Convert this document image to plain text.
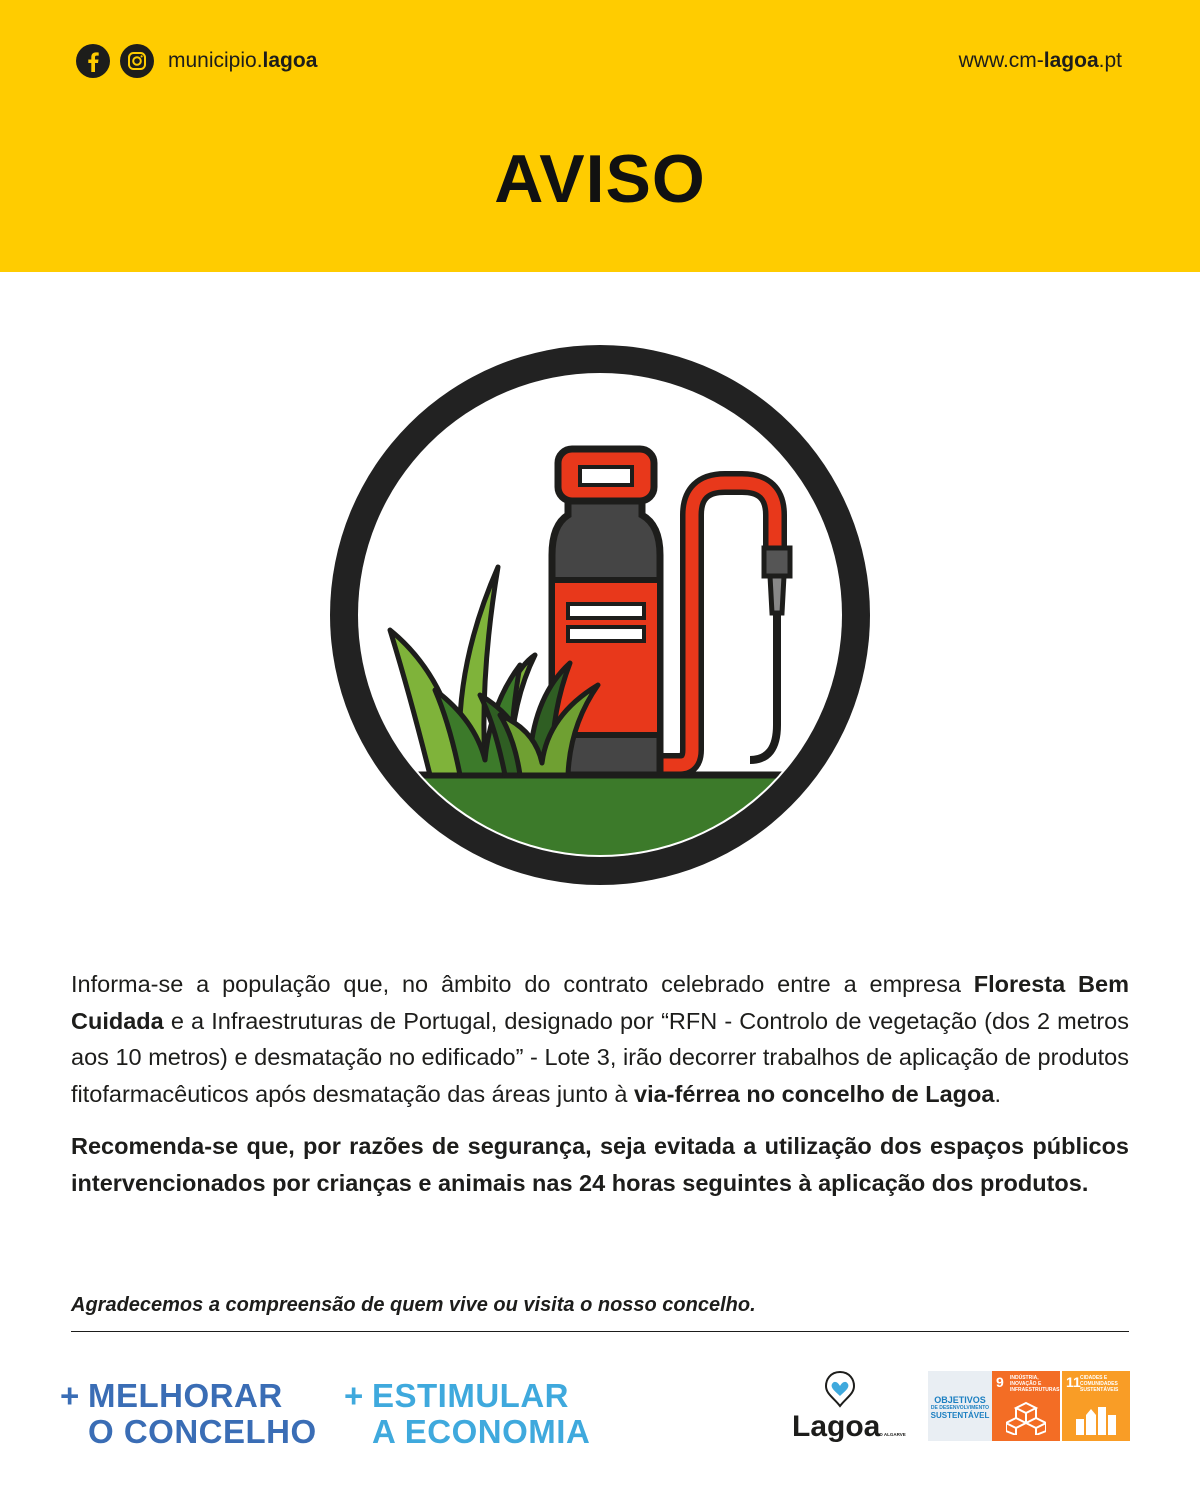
municipio.lagoa	www.cm-lagoa.pt
AVISO

Informa-se a população que, no âmbito do contrato celebrado entre a empresa Floresta Bem Cuidada e a Infraestruturas de Portugal, designado por “RFN - Controlo de vegetação (dos 2 metros aos 10 metros) e desmatação no edificado” - Lote 3, irão decorrer trabalhos de aplicação de produtos fitofarmacêuticos após desmatação das áreas junto à via-férrea no concelho de Lagoa.

Recomenda-se que, por razões de segurança, seja evitada a utilização dos espaços públicos intervencionados por crianças e animais nas 24 horas seguintes à aplicação dos produtos.

Agradecemos a compreensão de quem vive ou visita o nosso concelho.
+ MELHORAR
O CONCELHO
+ ESTIMULAR
A ECONOMIA	Lagoa
DO ALGARVE
OBJETIVOS
DE DESENVOLVIMENTO
SUSTENTÁVEL
9 INDÚSTRIA, INOVAÇÃO E INFRAESTRUTURAS 11 CIDADES E COMUNIDADES SUSTENTÁVEIS
